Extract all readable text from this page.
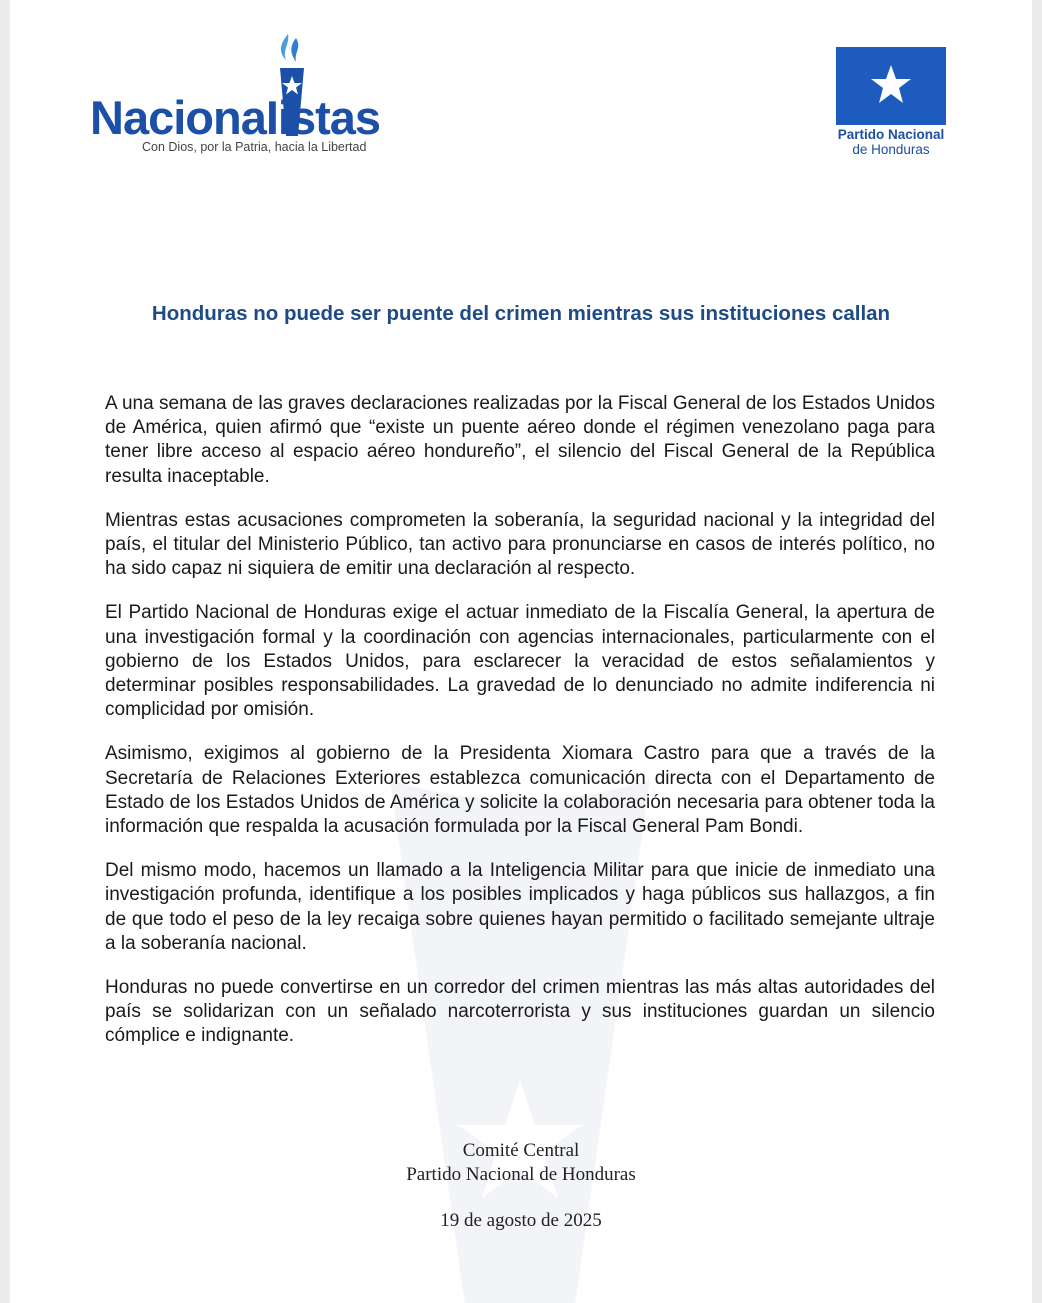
NacionaIistas
Con Dios, por la Patria, hacia la Libertad
Partido Nacional
de Honduras
Honduras no puede ser puente del crimen mientras sus instituciones callan

A una semana de las graves declaraciones realizadas por la Fiscal General de los Estados Unidos de América, quien afirmó que “existe un puente aéreo donde el régimen venezolano paga para tener libre acceso al espacio aéreo hondureño”, el silencio del Fiscal General de la República resulta inaceptable.

Mientras estas acusaciones comprometen la soberanía, la seguridad nacional y la integridad del país, el titular del Ministerio Público, tan activo para pronunciarse en casos de interés político, no ha sido capaz ni siquiera de emitir una declaración al respecto.

El Partido Nacional de Honduras exige el actuar inmediato de la Fiscalía General, la apertura de una investigación formal y la coordinación con agencias internacionales, particularmente con el gobierno de los Estados Unidos, para esclarecer la veracidad de estos señalamientos y determinar posibles responsabilidades. La gravedad de lo denunciado no admite indiferencia ni complicidad por omisión.

Asimismo, exigimos al gobierno de la Presidenta Xiomara Castro para que a través de la Secretaría de Relaciones Exteriores establezca comunicación directa con el Departamento de Estado de los Estados Unidos de América y solicite la colaboración necesaria para obtener toda la información que respalda la acusación formulada por la Fiscal General Pam Bondi.

Del mismo modo, hacemos un llamado a la Inteligencia Militar para que inicie de inmediato una investigación profunda, identifique a los posibles implicados y haga públicos sus hallazgos, a fin de que todo el peso de la ley recaiga sobre quienes hayan permitido o facilitado semejante ultraje a la soberanía nacional.

Honduras no puede convertirse en un corredor del crimen mientras las más altas autoridades del país se solidarizan con un señalado narcoterrorista y sus instituciones guardan un silencio cómplice e indignante.

Comité Central
Partido Nacional de Honduras
19 de agosto de 2025
